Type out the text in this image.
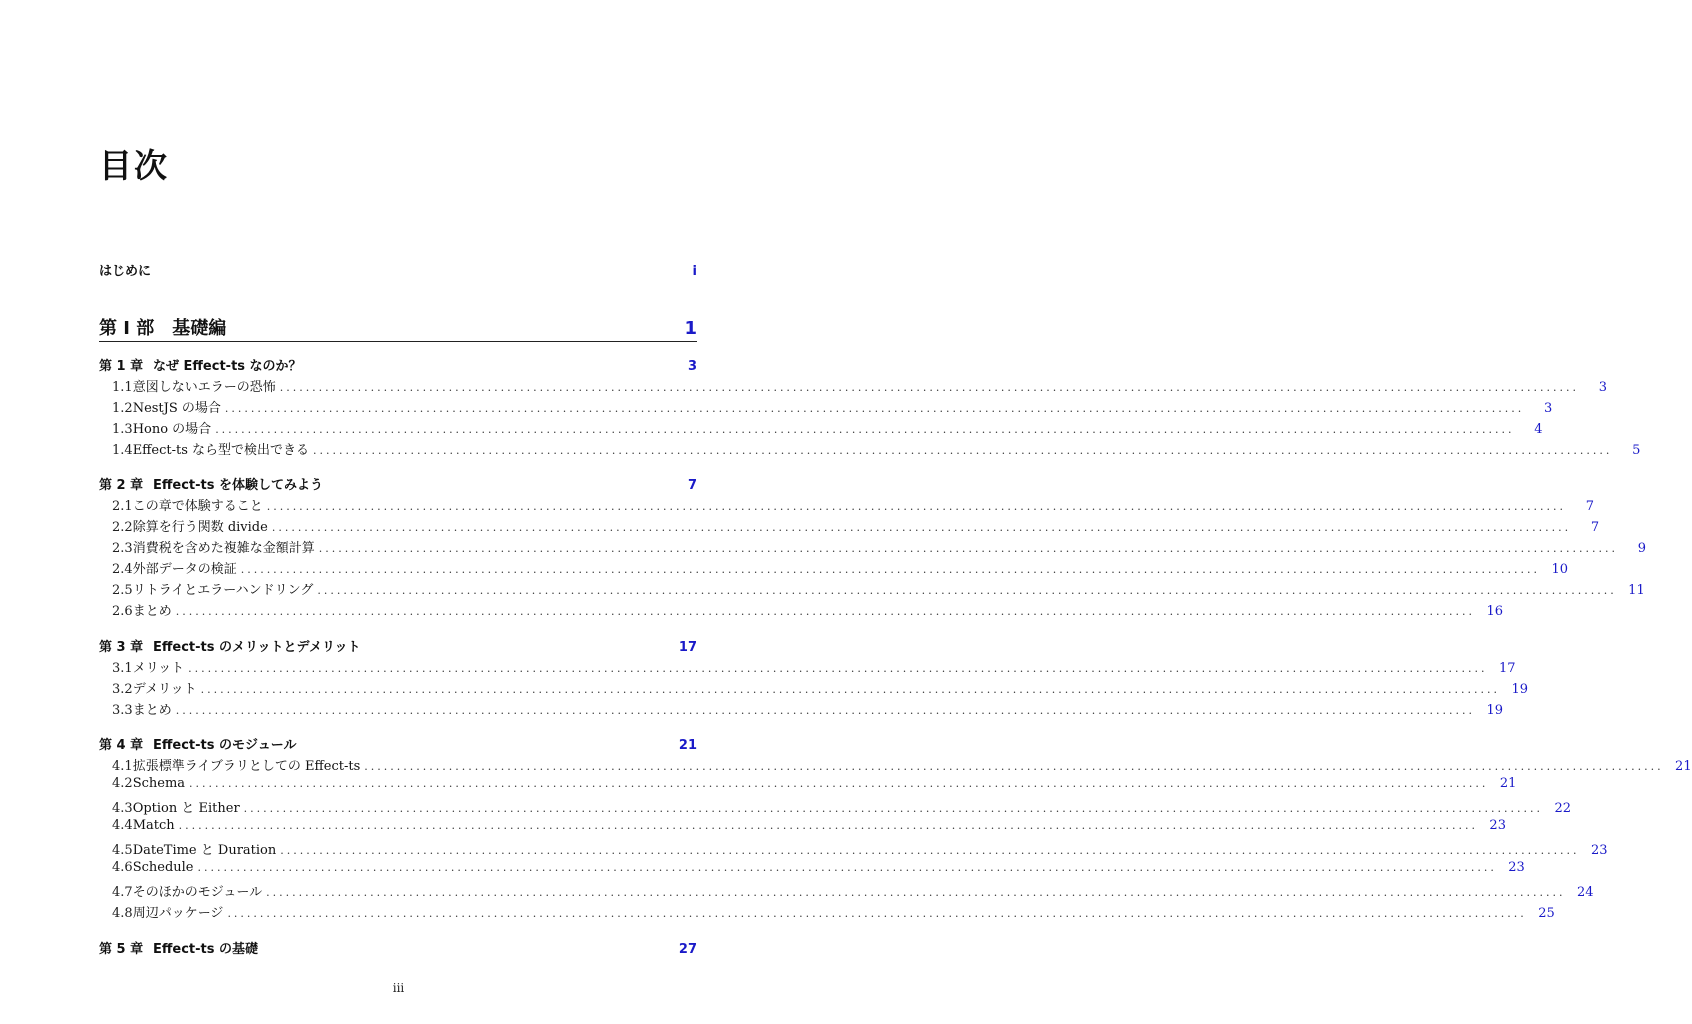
目次
はじめに	i
第 I 部　基礎編	1
第 1 章 なぜ Effect-ts なのか？	3
1.1 意図しないエラーの恐怖 ........................................................................................................................................................................................................	3
1.2 NestJS の場合 ........................................................................................................................................................................................................	3
1.3 Hono の場合 ........................................................................................................................................................................................................	4
1.4 Effect-ts なら型で検出できる ........................................................................................................................................................................................................	5
第 2 章 Effect-ts を体験してみよう	7
2.1 この章で体験すること ........................................................................................................................................................................................................	7
2.2 除算を行う関数 divide ........................................................................................................................................................................................................	7
2.3 消費税を含めた複雑な金額計算 ........................................................................................................................................................................................................	9
2.4 外部データの検証 ........................................................................................................................................................................................................ 10
2.5 リトライとエラーハンドリング ........................................................................................................................................................................................................ 11
2.6 まとめ ........................................................................................................................................................................................................ 16
第 3 章 Effect-ts のメリットとデメリット	17
3.1 メリット ........................................................................................................................................................................................................ 17
3.2 デメリット ........................................................................................................................................................................................................ 19
3.3 まとめ ........................................................................................................................................................................................................ 19
第 4 章 Effect-ts のモジュール	21
4.1 拡張標準ライブラリとしての Effect-ts ........................................................................................................................................................................................................ 21
4.2 Schema ........................................................................................................................................................................................................ 21
4.3 Option と Either ........................................................................................................................................................................................................ 22
4.4 Match ........................................................................................................................................................................................................ 23
4.5 DateTime と Duration ........................................................................................................................................................................................................ 23
4.6 Schedule ........................................................................................................................................................................................................ 23
4.7 そのほかのモジュール ........................................................................................................................................................................................................ 24
4.8 周辺パッケージ ........................................................................................................................................................................................................ 25
第 5 章 Effect-ts の基礎	27
iii
